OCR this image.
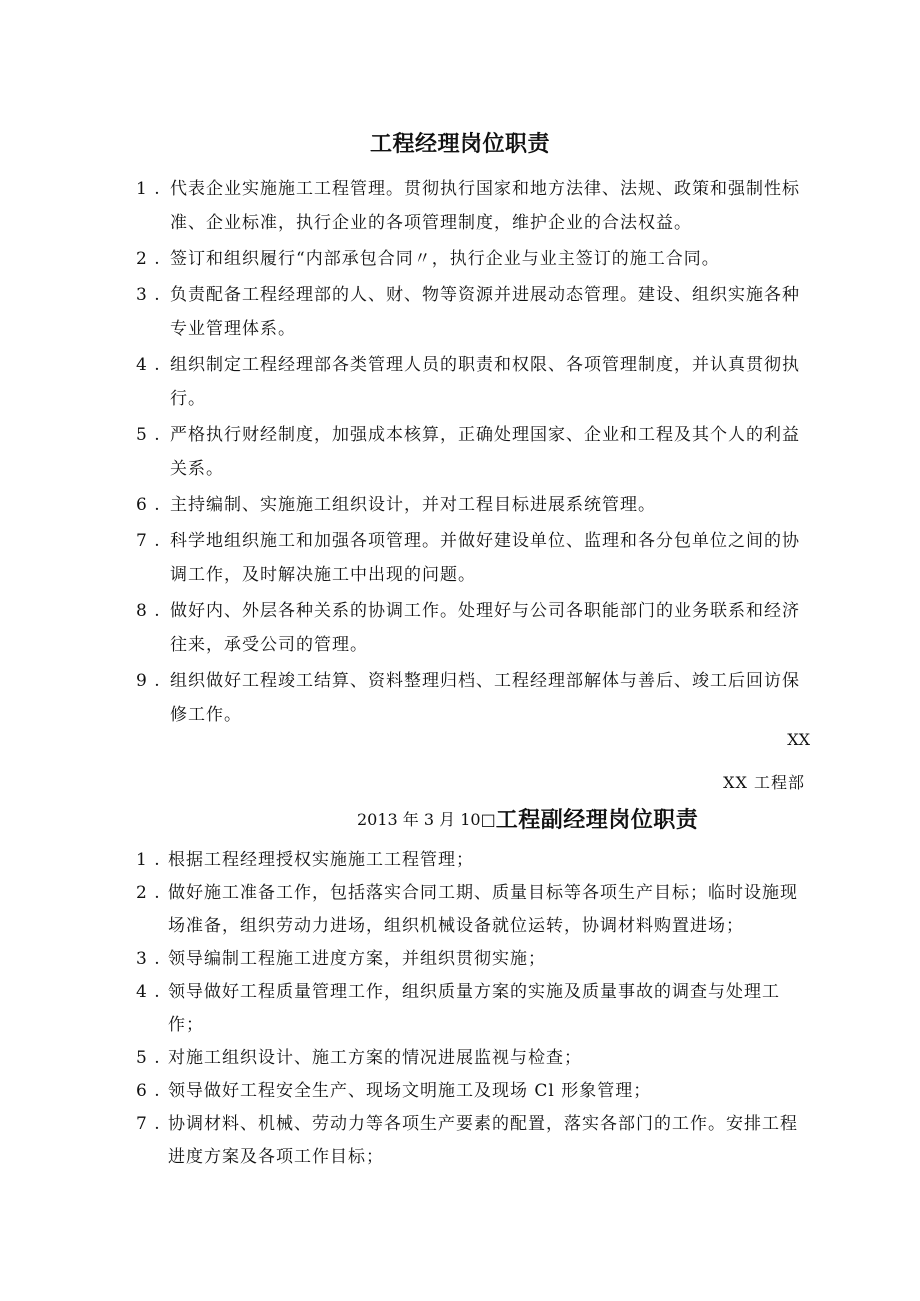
工程经理岗位职责
1 . 代表企业实施施工工程管理。贯彻执行国家和地方法律、法规、政策和强制性标准、企业标准，执行企业的各项管理制度，维护企业的合法权益。
2 . 签订和组织履行“内部承包合同〃，执行企业与业主签订的施工合同。
3 . 负责配备工程经理部的人、财、物等资源并进展动态管理。建设、组织实施各种专业管理体系。
4 . 组织制定工程经理部各类管理人员的职责和权限、各项管理制度，并认真贯彻执行。
5 . 严格执行财经制度，加强成本核算，正确处理国家、企业和工程及其个人的利益关系。
6 . 主持编制、实施施工组织设计，并对工程目标进展系统管理。
7 . 科学地组织施工和加强各项管理。并做好建设单位、监理和各分包单位之间的协调工作，及时解决施工中出现的问题。
8 . 做好内、外层各种关系的协调工作。处理好与公司各职能部门的业务联系和经济往来，承受公司的管理。
9 . 组织做好工程竣工结算、资料整理归档、工程经理部解体与善后、竣工后回访保修工作。
XX
XX 工程部
2013 年 3 月 10□工程副经理岗位职责
1 . 根据工程经理授权实施施工工程管理；
2 . 做好施工准备工作，包括落实合同工期、质量目标等各项生产目标；临时设施现场准备，组织劳动力进场，组织机械设备就位运转，协调材料购置进场；
3 . 领导编制工程施工进度方案，并组织贯彻实施；
4 . 领导做好工程质量管理工作，组织质量方案的实施及质量事故的调查与处理工作；
5 . 对施工组织设计、施工方案的情况进展监视与检查；
6 . 领导做好工程安全生产、现场文明施工及现场 Cl 形象管理；
7 . 协调材料、机械、劳动力等各项生产要素的配置，落实各部门的工作。安排工程进度方案及各项工作目标；
